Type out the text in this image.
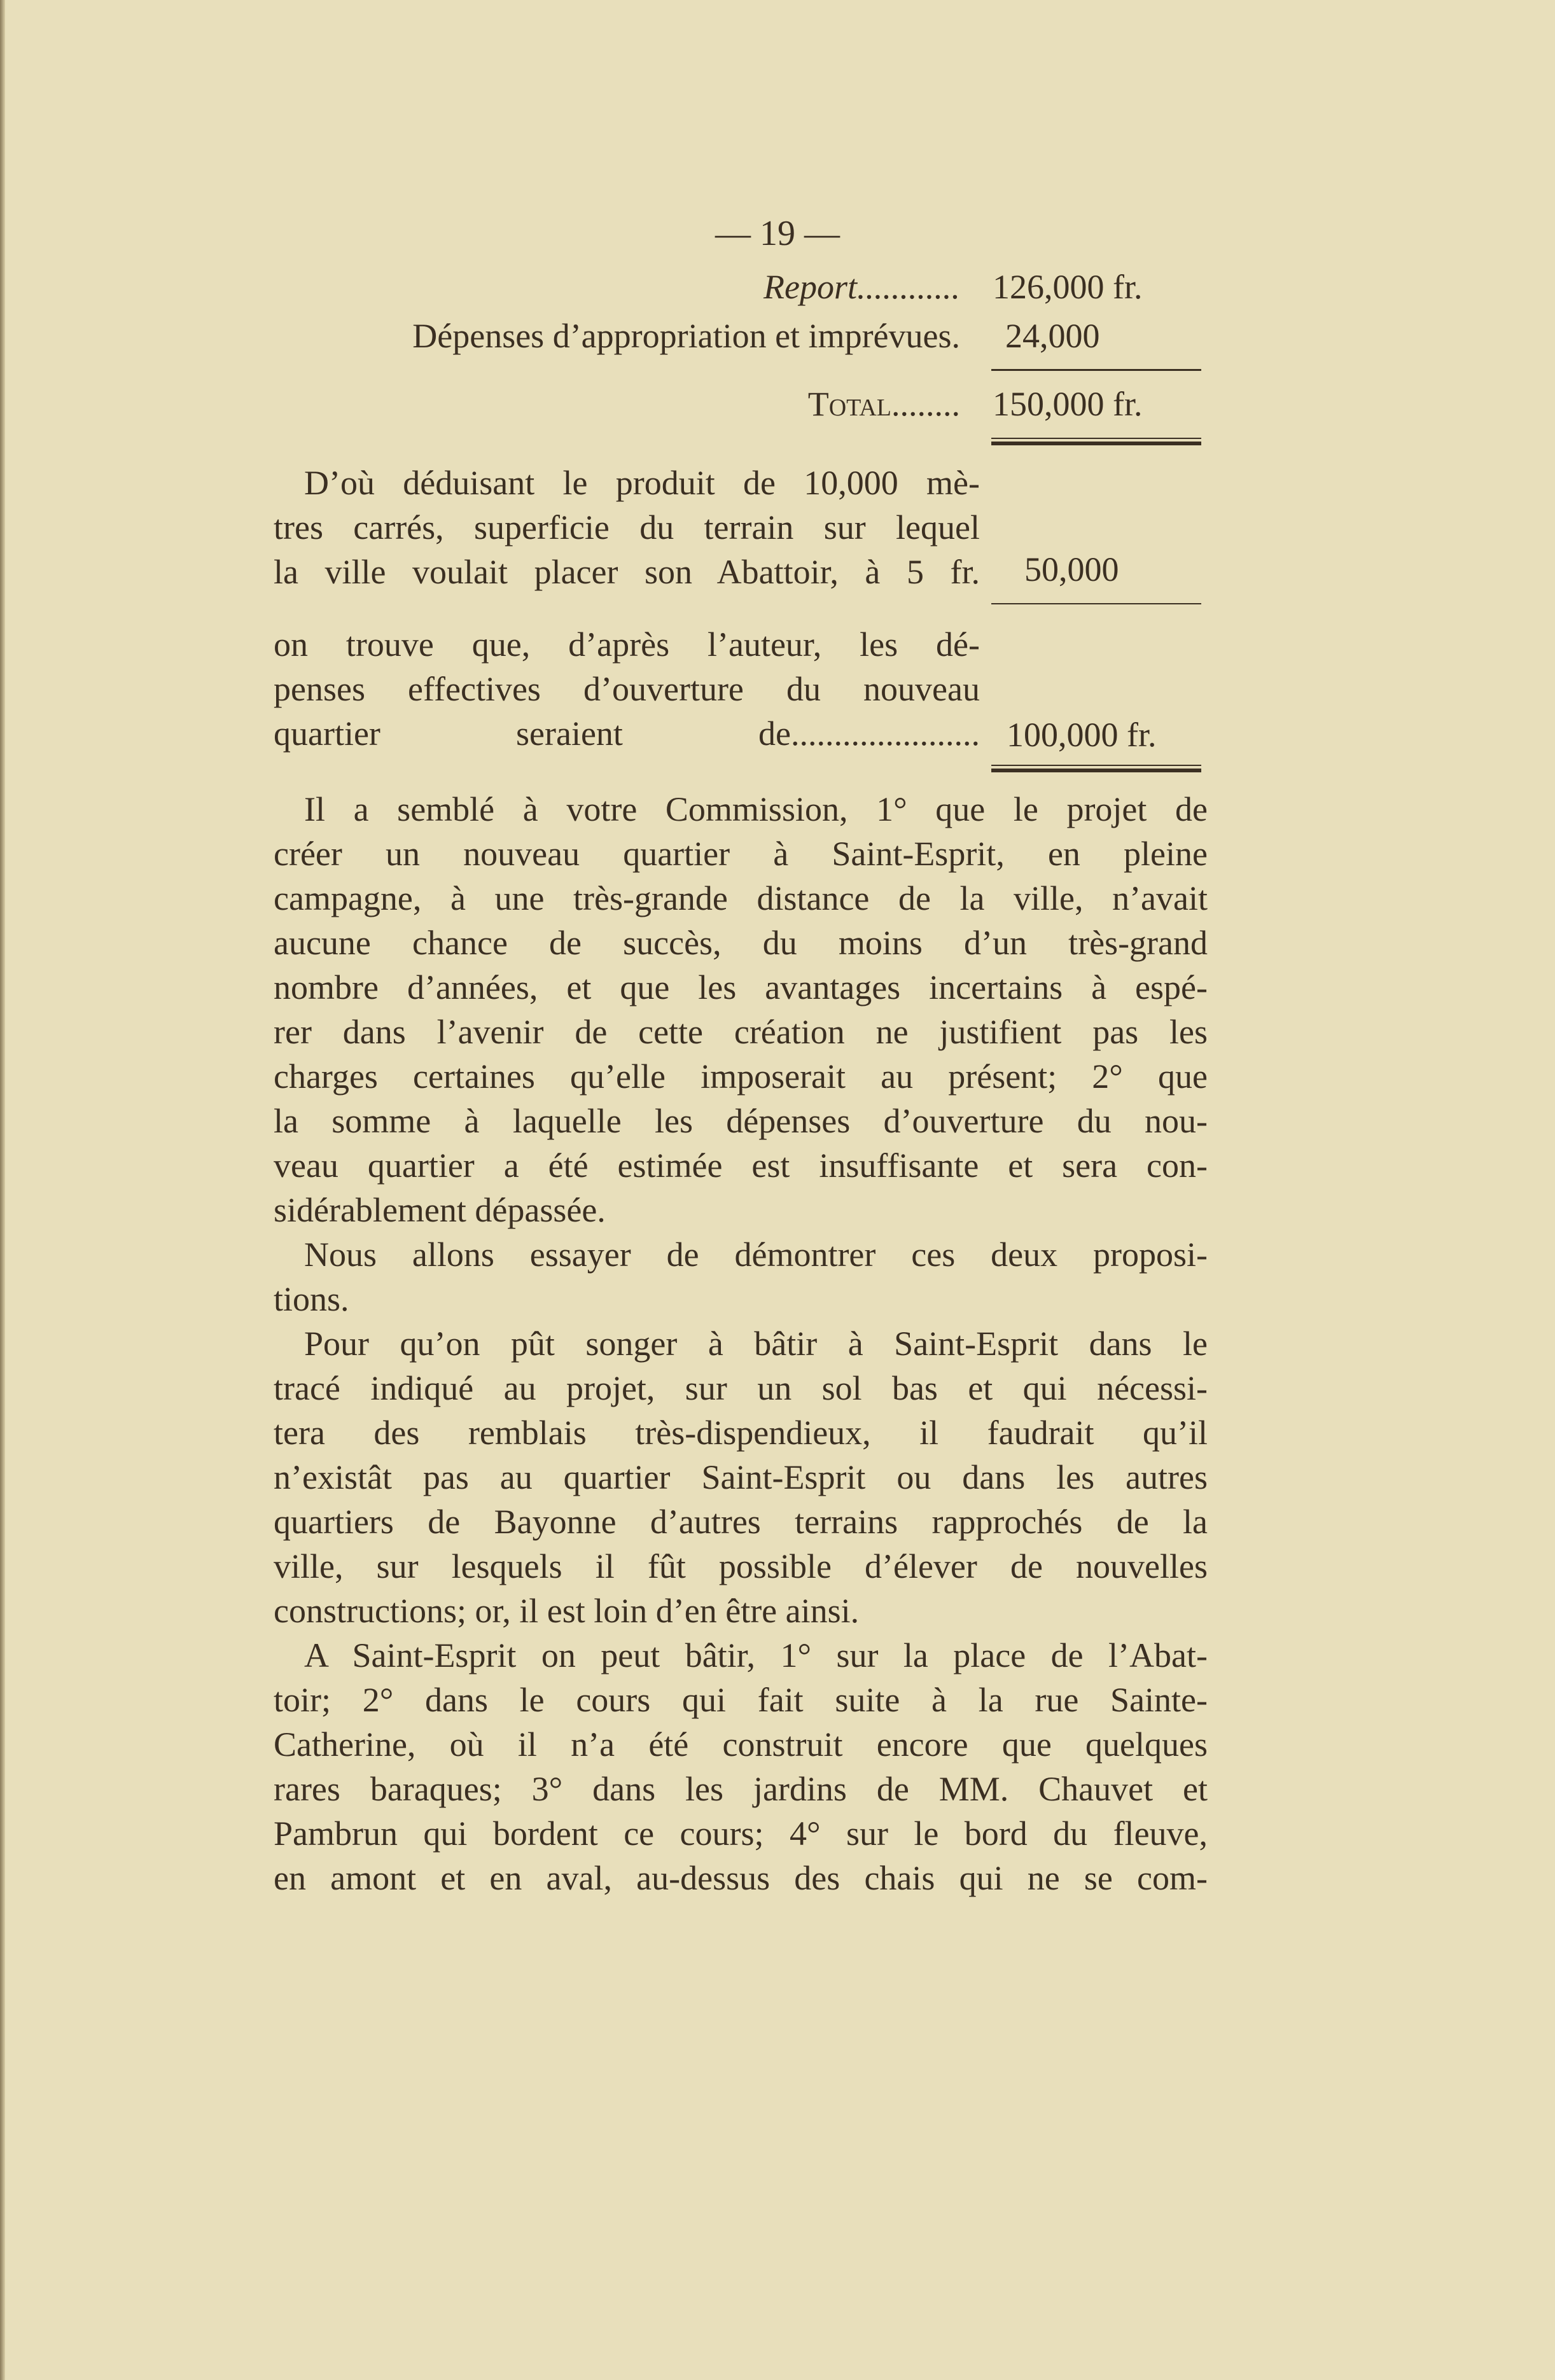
— 19 —
Report............ 126,000 fr.
Dépenses d’appropriation et imprévues.	24,000
Total........ 150,000 fr.
D’où déduisant le produit de 10,000 mè-
tres carrés, superficie du terrain sur lequel
la ville voulait placer son Abattoir, à 5 fr.	50,000
on trouve que, d’après l’auteur, les dé-
penses effectives d’ouverture du nouveau
quartier seraient de...................... 100,000 fr.
Il a semblé à votre Commission, 1° que le projet de
créer un nouveau quartier à Saint-Esprit, en pleine
campagne, à une très-grande distance de la ville, n’avait
aucune chance de succès, du moins d’un très-grand
nombre d’années, et que les avantages incertains à espé-
rer dans l’avenir de cette création ne justifient pas les
charges certaines qu’elle imposerait au présent; 2° que
la somme à laquelle les dépenses d’ouverture du nou-
veau quartier a été estimée est insuffisante et sera con-
sidérablement dépassée.
Nous allons essayer de démontrer ces deux proposi-
tions.
Pour qu’on pût songer à bâtir à Saint-Esprit dans le
tracé indiqué au projet, sur un sol bas et qui nécessi-
tera des remblais très-dispendieux, il faudrait qu’il
n’existât pas au quartier Saint-Esprit ou dans les autres
quartiers de Bayonne d’autres terrains rapprochés de la
ville, sur lesquels il fût possible d’élever de nouvelles
constructions; or, il est loin d’en être ainsi.
A Saint-Esprit on peut bâtir, 1° sur la place de l’Abat-
toir; 2° dans le cours qui fait suite à la rue Sainte-
Catherine, où il n’a été construit encore que quelques
rares baraques; 3° dans les jardins de MM. Chauvet et
Pambrun qui bordent ce cours; 4° sur le bord du fleuve,
en amont et en aval, au-dessus des chais qui ne se com-
